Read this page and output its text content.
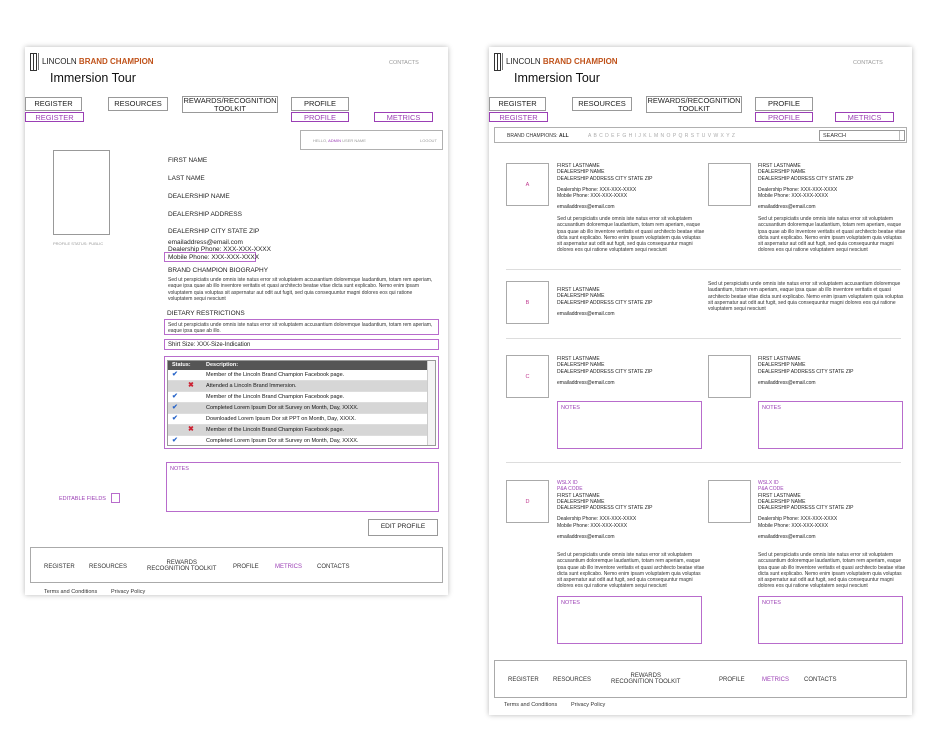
LINCOLN BRAND CHAMPION
Immersion Tour
CONTACTS
REGISTER	RESOURCES	REWARDS/RECOGNITION TOOLKIT	PROFILE
REGISTER	PROFILE	METRICS
HELLO, ADMIN USER NAME	LOGOUT
PROFILE STATUS: PUBLIC
FIRST NAME
LAST NAME
DEALERSHIP NAME
DEALERSHIP ADDRESS
DEALERSHIP CITY STATE ZIP
emailaddress@email.com
Dealership Phone: XXX-XXX-XXXX
Mobile Phone: XXX-XXX-XXXX
BRAND CHAMPION BIOGRAPHY
Sed ut perspiciatis unde omnis iste natus error sit voluptatem accusantium doloremque laudantium, totam rem aperiam, eaque ipsa quae ab illo inventore veritatis et quasi architecto beatae vitae dicta sunt explicabo. Nemo enim ipsam voluptatem quia voluptas sit aspernatur aut odit aut fugit, sed quia consequuntur magni dolores eos qui ratione voluptatem sequi nesciunt
DIETARY RESTRICTIONS
Sed ut perspiciatis unde omnis iste natus error sit voluptatem accusantium doloremque laudantium, totam rem aperiam, eaque ipsa quae ab illo.
Shirt Size: XXX-Size-Indication
Status:	Description:
✔	Member of the Lincoln Brand Champion Facebook page.
✖ Attended a Lincoln Brand Immersion.
✔	Member of the Lincoln Brand Champion Facebook page.
✔	Completed Lorem Ipsum Dor sit Survey on Month, Day, XXXX.
✔	Downloaded Lorem Ipsum Dor sit PPT on Month, Day, XXXX.
✖ Member of the Lincoln Brand Champion Facebook page.
✔	Completed Lorem Ipsum Dor sit Survey on Month, Day, XXXX.
NOTES
EDITABLE FIELDS
EDIT PROFILE
REGISTER RESOURCES
REWARDS
RECOGNITION TOOLKIT	PROFILE	METRICS	CONTACTS
Terms and Conditions	Privacy Policy
LINCOLN BRAND CHAMPION
Immersion Tour
CONTACTS
REGISTER	RESOURCES	REWARDS/RECOGNITION TOOLKIT	PROFILE
REGISTER	PROFILE	METRICS
BRAND CHAMPIONS: ALL	A B C D E F G H I J K L M N O P Q R S T U V W X Y Z	SEARCH
A
FIRST LASTNAME
DEALERSHIP NAME
DEALERSHIP ADDRESS CITY STATE ZIP
Dealership Phone: XXX-XXX-XXXX
Mobile Phone: XXX-XXX-XXXX
emailaddress@email.com
Sed ut perspiciatis unde omnis iste natus error sit voluptatem accusantium doloremque laudantium, totam rem aperiam, eaque ipsa quae ab illo inventore veritatis et quasi architecto beatae vitae dicta sunt explicabo. Nemo enim ipsam voluptatem quia voluptas sit aspernatur aut odit aut fugit, sed quia consequuntur magni dolores eos qui ratione voluptatem sequi nesciunt
FIRST LASTNAME
DEALERSHIP NAME
DEALERSHIP ADDRESS CITY STATE ZIP
Dealership Phone: XXX-XXX-XXXX
Mobile Phone: XXX-XXX-XXXX
emailaddress@email.com
Sed ut perspiciatis unde omnis iste natus error sit voluptatem accusantium doloremque laudantium, totam rem aperiam, eaque ipsa quae ab illo inventore veritatis et quasi architecto beatae vitae dicta sunt explicabo. Nemo enim ipsam voluptatem quia voluptas sit aspernatur aut odit aut fugit, sed quia consequuntur magni dolores eos qui ratione voluptatem sequi nesciunt
B
FIRST LASTNAME
DEALERSHIP NAME
DEALERSHIP ADDRESS CITY STATE ZIP
emailaddress@email.com
Sed ut perspiciatis unde omnis iste natus error sit voluptatem accusantium doloremque laudantium, totam rem aperiam, eaque ipsa quae ab illo inventore veritatis et quasi architecto beatae vitae dicta sunt explicabo. Nemo enim ipsam voluptatem quia voluptas sit aspernatur aut odit aut fugit, sed quia consequuntur magni dolores eos qui ratione voluptatem sequi nesciunt
C
FIRST LASTNAME
DEALERSHIP NAME
DEALERSHIP ADDRESS CITY STATE ZIP
emailaddress@email.com
NOTES
FIRST LASTNAME
DEALERSHIP NAME
DEALERSHIP ADDRESS CITY STATE ZIP
emailaddress@email.com
NOTES
D
WSLX ID
P&A CODE
FIRST LASTNAME
DEALERSHIP NAME
DEALERSHIP ADDRESS CITY STATE ZIP
Dealership Phone: XXX-XXX-XXXX
Mobile Phone: XXX-XXX-XXXX
emailaddress@email.com
Sed ut perspiciatis unde omnis iste natus error sit voluptatem accusantium doloremque laudantium, totam rem aperiam, eaque ipsa quae ab illo inventore veritatis et quasi architecto beatae vitae dicta sunt explicabo. Nemo enim ipsam voluptatem quia voluptas sit aspernatur aut odit aut fugit, sed quia consequuntur magni dolores eos qui ratione voluptatem sequi nesciunt
NOTES
WSLX ID
P&A CODE
FIRST LASTNAME
DEALERSHIP NAME
DEALERSHIP ADDRESS CITY STATE ZIP
Dealership Phone: XXX-XXX-XXXX
Mobile Phone: XXX-XXX-XXXX
emailaddress@email.com
Sed ut perspiciatis unde omnis iste natus error sit voluptatem accusantium doloremque laudantium, totam rem aperiam, eaque ipsa quae ab illo inventore veritatis et quasi architecto beatae vitae dicta sunt explicabo. Nemo enim ipsam voluptatem quia voluptas sit aspernatur aut odit aut fugit, sed quia consequuntur magni dolores eos qui ratione voluptatem sequi nesciunt
NOTES
REGISTER RESOURCES
REWARDS
RECOGNITION TOOLKIT	PROFILE	METRICS	CONTACTS
Terms and Conditions	Privacy Policy
